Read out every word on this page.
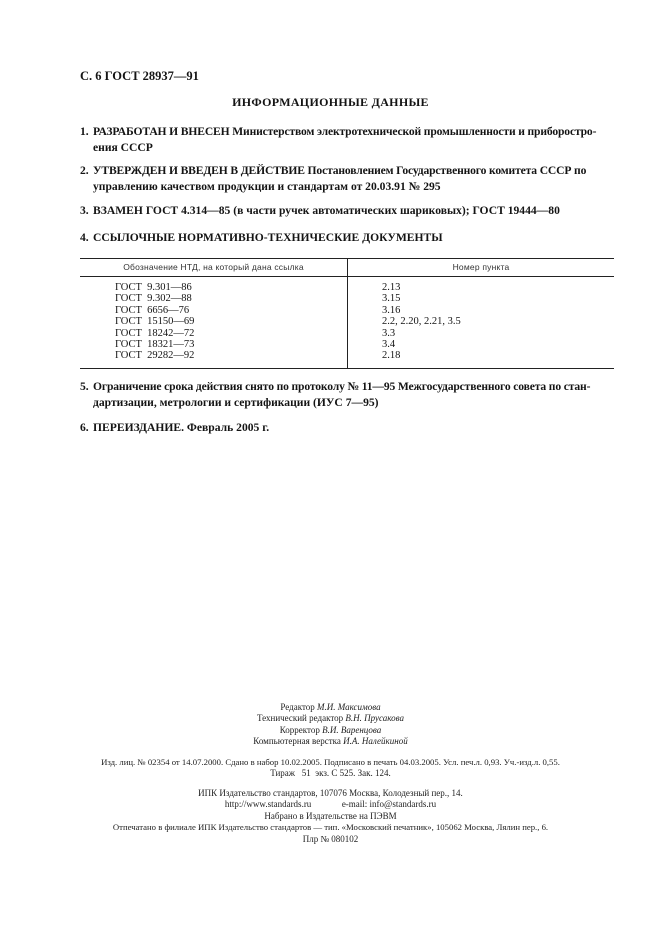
С. 6 ГОСТ 28937—91
ИНФОРМАЦИОННЫЕ ДАННЫЕ
1. РАЗРАБОТАН И ВНЕСЕН Министерством электротехнической промышленности и приборостро-
ения СССР
2. УТВЕРЖДЕН И ВВЕДЕН В ДЕЙСТВИЕ Постановлением Государственного комитета СССР по
управлению качеством продукции и стандартам от 20.03.91 № 295
3. ВЗАМЕН ГОСТ 4.314—85 (в части ручек автоматических шариковых); ГОСТ 19444—80
4. ССЫЛОЧНЫЕ НОРМАТИВНО-ТЕХНИЧЕСКИЕ ДОКУМЕНТЫ
Обозначение НТД, на который дана ссылка	Номер пункта
ГОСТ  9.301—86
ГОСТ  9.302—88
ГОСТ  6656—76
ГОСТ  15150—69
ГОСТ  18242—72
ГОСТ  18321—73
ГОСТ  29282—92
2.13
3.15
3.16
2.2, 2.20, 2.21, 3.5
3.3
3.4
2.18
5. Ограничение срока действия снято по протоколу № 11—95 Межгосударственного совета по стан-
дартизации, метрологии и сертификации (ИУС 7—95)
6. ПЕРЕИЗДАНИЕ. Февраль 2005 г.
Редактор М.И. Максимова
Технический редактор В.Н. Прусакова
Корректор В.И. Варенцова
Компьютерная верстка И.А. Налейкиной
Изд. лиц. № 02354 от 14.07.2000. Сдано в набор 10.02.2005. Подписано в печать 04.03.2005. Усл. печ.л. 0,93. Уч.-изд.л. 0,55.
Тираж   51  экз. С 525. Зак. 124.
ИПК Издательство стандартов, 107076 Москва, Колодезный пер., 14.
http://www.standards.ru	e-mail: info@standards.ru
Набрано в Издательстве на ПЭВМ
Отпечатано в филиале ИПК Издательство стандартов — тип. «Московский печатник», 105062 Москва, Лялин пер., 6.
Плр № 080102
